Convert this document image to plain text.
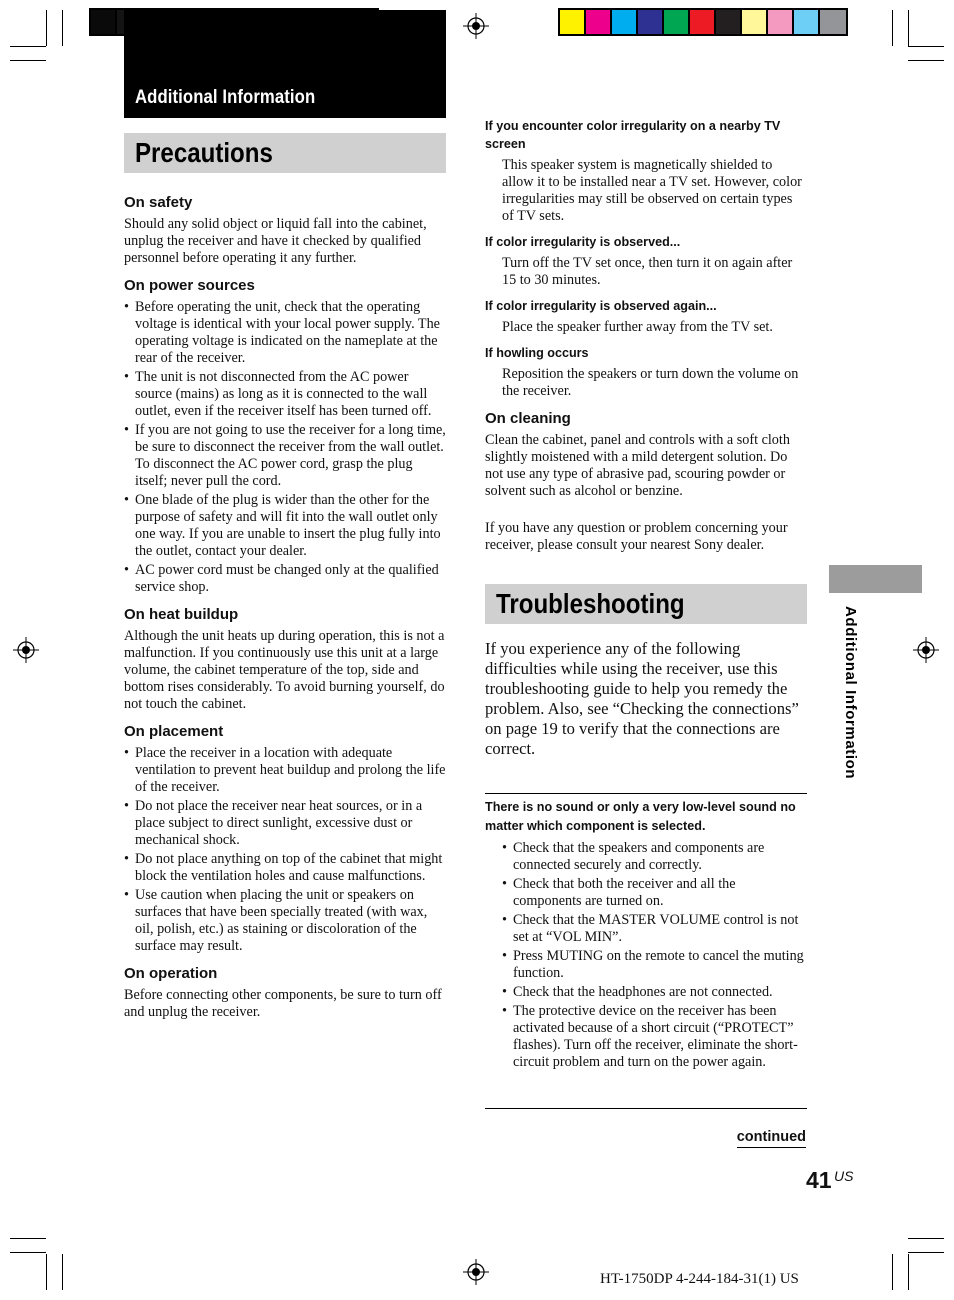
Additional Information
Precautions
On safety

Should any solid object or liquid fall into the cabinet, unplug the receiver and have it checked by qualified personnel before operating it any further.

On power sources
• Before operating the unit, check that the operating voltage is identical with your local power supply. The operating voltage is indicated on the nameplate at the rear of the receiver.
• The unit is not disconnected from the AC power source (mains) as long as it is connected to the wall outlet, even if the receiver itself has been turned off.
• If you are not going to use the receiver for a long time, be sure to disconnect the receiver from the wall outlet. To disconnect the AC power cord, grasp the plug itself; never pull the cord.
• One blade of the plug is wider than the other for the purpose of safety and will fit into the wall outlet only one way. If you are unable to insert the plug fully into the outlet, contact your dealer.
• AC power cord must be changed only at the qualified service shop.
On heat buildup

Although the unit heats up during operation, this is not a malfunction. If you continuously use this unit at a large volume, the cabinet temperature of the top, side and bottom rises considerably. To avoid burning yourself, do not touch the cabinet.

On placement
• Place the receiver in a location with adequate ventilation to prevent heat buildup and prolong the life of the receiver.
• Do not place the receiver near heat sources, or in a place subject to direct sunlight, excessive dust or mechanical shock.
• Do not place anything on top of the cabinet that might block the ventilation holes and cause malfunctions.
• Use caution when placing the unit or speakers on surfaces that have been specially treated (with wax, oil, polish, etc.) as staining or discoloration of the surface may result.
On operation

Before connecting other components, be sure to turn off and unplug the receiver.

If you encounter color irregularity on a nearby TV screen

This speaker system is magnetically shielded to allow it to be installed near a TV set. However, color irregularities may still be observed on certain types of TV sets.

If color irregularity is observed...

Turn off the TV set once, then turn it on again after 15 to 30 minutes.

If color irregularity is observed again...

Place the speaker further away from the TV set.

If howling occurs

Reposition the speakers or turn down the volume on the receiver.

On cleaning

Clean the cabinet, panel and controls with a soft cloth slightly moistened with a mild detergent solution. Do not use any type of abrasive pad, scouring powder or solvent such as alcohol or benzine.

If you have any question or problem concerning your receiver, please consult your nearest Sony dealer.

Troubleshooting

If you experience any of the following difficulties while using the receiver, use this troubleshooting guide to help you remedy the problem. Also, see “Checking the connections” on page 19 to verify that the connections are correct.

There is no sound or only a very low-level sound no matter which component is selected.
• Check that the speakers and components are connected securely and correctly.
• Check that both the receiver and all the components are turned on.
• Check that the MASTER VOLUME control is not set at “VOL MIN”.
• Press MUTING on the remote to cancel the muting function.
• Check that the headphones are not connected.
• The protective device on the receiver has been activated because of a short circuit (“PROTECT” flashes). Turn off the receiver, eliminate the short-circuit problem and turn on the power again.
continued
Additional Information
41 US
HT-1750DP 4-244-184-31(1) US
